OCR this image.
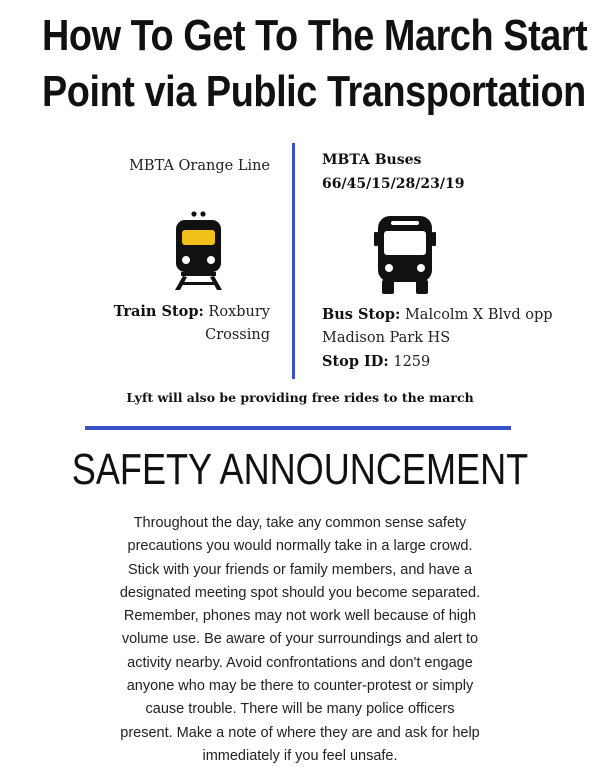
How To Get To The March Start
Point via Public Transportation
MBTA Orange Line	MBTA Buses
66/45/15/28/23/19
Train Stop: Roxbury
Crossing
Bus Stop: Malcolm X Blvd opp
Madison Park HS
Stop ID: 1259
Lyft will also be providing free rides to the march
SAFETY ANNOUNCEMENT
Throughout the day, take any common sense safety
precautions you would normally take in a large crowd.
Stick with your friends or family members, and have a
designated meeting spot should you become separated.
Remember, phones may not work well because of high
volume use. Be aware of your surroundings and alert to
activity nearby. Avoid confrontations and don't engage
anyone who may be there to counter-protest or simply
cause trouble. There will be many police officers
present. Make a note of where they are and ask for help
immediately if you feel unsafe.
